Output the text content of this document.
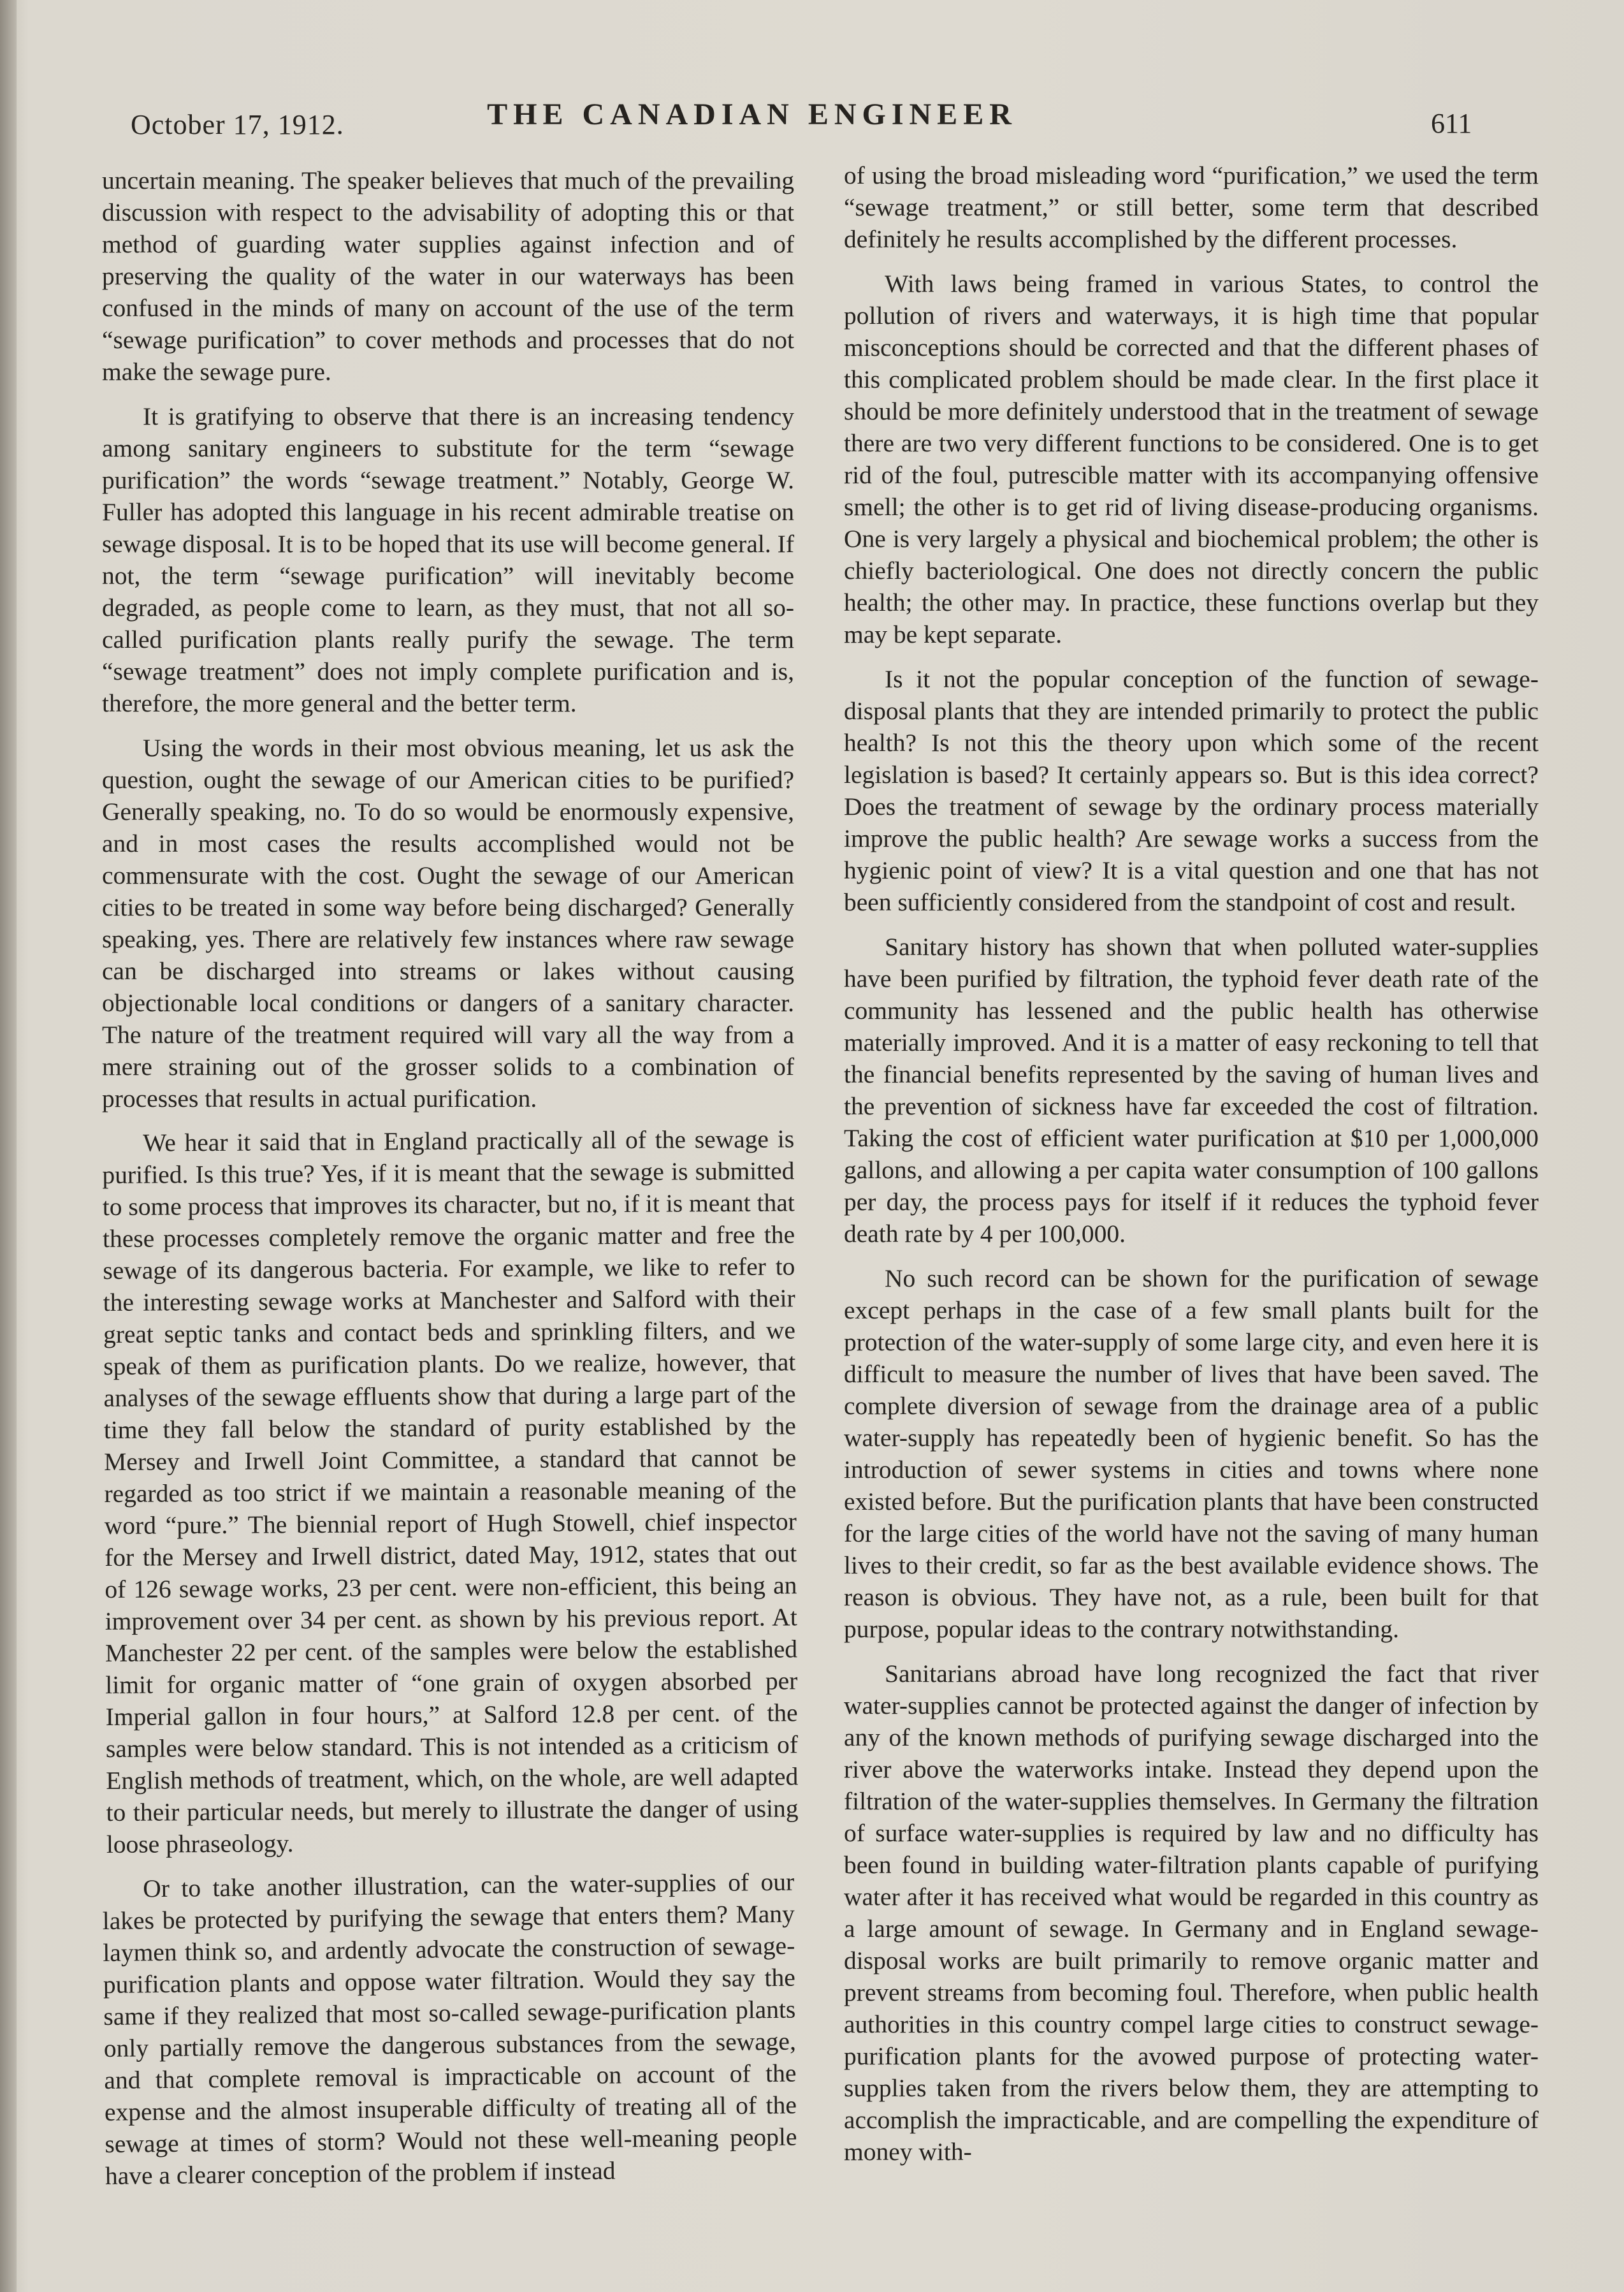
October 17, 1912.	THE CANADIAN ENGINEER	611

uncertain meaning. The speaker believes that much of the prevailing discussion with respect to the advisability of adopting this or that method of guarding water supplies against infection and of preserving the quality of the water in our waterways has been confused in the minds of many on account of the use of the term “sewage purification” to cover methods and processes that do not make the sewage pure.

It is gratifying to observe that there is an increasing tendency among sanitary engineers to substitute for the term “sewage purification” the words “sewage treatment.” Notably, George W. Fuller has adopted this language in his recent admirable treatise on sewage disposal. It is to be hoped that its use will become general. If not, the term “sewage purification” will inevitably become degraded, as people come to learn, as they must, that not all so-called purification plants really purify the sewage. The term “sewage treatment” does not imply complete purification and is, therefore, the more general and the better term.

Using the words in their most obvious meaning, let us ask the question, ought the sewage of our American cities to be purified? Generally speaking, no. To do so would be enormously expensive, and in most cases the results accomplished would not be commensurate with the cost. Ought the sewage of our American cities to be treated in some way before being discharged? Generally speaking, yes. There are relatively few instances where raw sewage can be discharged into streams or lakes without causing objectionable local conditions or dangers of a sanitary character. The nature of the treatment required will vary all the way from a mere straining out of the grosser solids to a combination of processes that results in actual purification.

We hear it said that in England practically all of the sewage is purified. Is this true? Yes, if it is meant that the sewage is submitted to some process that improves its character, but no, if it is meant that these processes completely remove the organic matter and free the sewage of its dangerous bacteria. For example, we like to refer to the interesting sewage works at Manchester and Salford with their great septic tanks and contact beds and sprinkling filters, and we speak of them as purification plants. Do we realize, however, that analyses of the sewage effluents show that during a large part of the time they fall below the standard of purity established by the Mersey and Irwell Joint Committee, a standard that cannot be regarded as too strict if we maintain a reasonable meaning of the word “pure.” The biennial report of Hugh Stowell, chief inspector for the Mersey and Irwell district, dated May, 1912, states that out of 126 sewage works, 23 per cent. were non-efficient, this being an improvement over 34 per cent. as shown by his previous report. At Manchester 22 per cent. of the samples were below the established limit for organic matter of “one grain of oxygen absorbed per Imperial gallon in four hours,” at Salford 12.8 per cent. of the samples were below standard. This is not intended as a criticism of English methods of treatment, which, on the whole, are well adapted to their particular needs, but merely to illustrate the danger of using loose phraseology.

Or to take another illustration, can the water-supplies of our lakes be protected by purifying the sewage that enters them? Many laymen think so, and ardently advocate the construction of sewage-purification plants and oppose water filtration. Would they say the same if they realized that most so-called sewage-purification plants only partially remove the dangerous substances from the sewage, and that complete removal is impracticable on account of the expense and the almost insuperable difficulty of treating all of the sewage at times of storm? Would not these well-meaning people have a clearer conception of the problem if instead

of using the broad misleading word “purification,” we used the term “sewage treatment,” or still better, some term that described definitely he results accomplished by the different processes.

With laws being framed in various States, to control the pollution of rivers and waterways, it is high time that popular misconceptions should be corrected and that the different phases of this complicated problem should be made clear. In the first place it should be more definitely understood that in the treatment of sewage there are two very different functions to be considered. One is to get rid of the foul, putrescible matter with its accompanying offensive smell; the other is to get rid of living disease-producing organisms. One is very largely a physical and biochemical problem; the other is chiefly bacteriological. One does not directly concern the public health; the other may. In practice, these functions overlap but they may be kept separate.

Is it not the popular conception of the function of sewage-disposal plants that they are intended primarily to protect the public health? Is not this the theory upon which some of the recent legislation is based? It certainly appears so. But is this idea correct? Does the treatment of sewage by the ordinary process materially improve the public health? Are sewage works a success from the hygienic point of view? It is a vital question and one that has not been sufficiently considered from the standpoint of cost and result.

Sanitary history has shown that when polluted water-supplies have been purified by filtration, the typhoid fever death rate of the community has lessened and the public health has otherwise materially improved. And it is a matter of easy reckoning to tell that the financial benefits represented by the saving of human lives and the prevention of sickness have far exceeded the cost of filtration. Taking the cost of efficient water purification at $10 per 1,000,000 gallons, and allowing a per capita water consumption of 100 gallons per day, the process pays for itself if it reduces the typhoid fever death rate by 4 per 100,000.

No such record can be shown for the purification of sewage except perhaps in the case of a few small plants built for the protection of the water-supply of some large city, and even here it is difficult to measure the number of lives that have been saved. The complete diversion of sewage from the drainage area of a public water-supply has repeatedly been of hygienic benefit. So has the introduction of sewer systems in cities and towns where none existed before. But the purification plants that have been constructed for the large cities of the world have not the saving of many human lives to their credit, so far as the best available evidence shows. The reason is obvious. They have not, as a rule, been built for that purpose, popular ideas to the contrary notwithstanding.

Sanitarians abroad have long recognized the fact that river water-supplies cannot be protected against the danger of infection by any of the known methods of purifying sewage discharged into the river above the waterworks intake. Instead they depend upon the filtration of the water-supplies themselves. In Germany the filtration of surface water-supplies is required by law and no difficulty has been found in building water-filtration plants capable of purifying water after it has received what would be regarded in this country as a large amount of sewage. In Germany and in England sewage-disposal works are built primarily to remove organic matter and prevent streams from becoming foul. Therefore, when public health authorities in this country compel large cities to construct sewage-purification plants for the avowed purpose of protecting water-supplies taken from the rivers below them, they are attempting to accomplish the impracticable, and are compelling the expenditure of money with-
